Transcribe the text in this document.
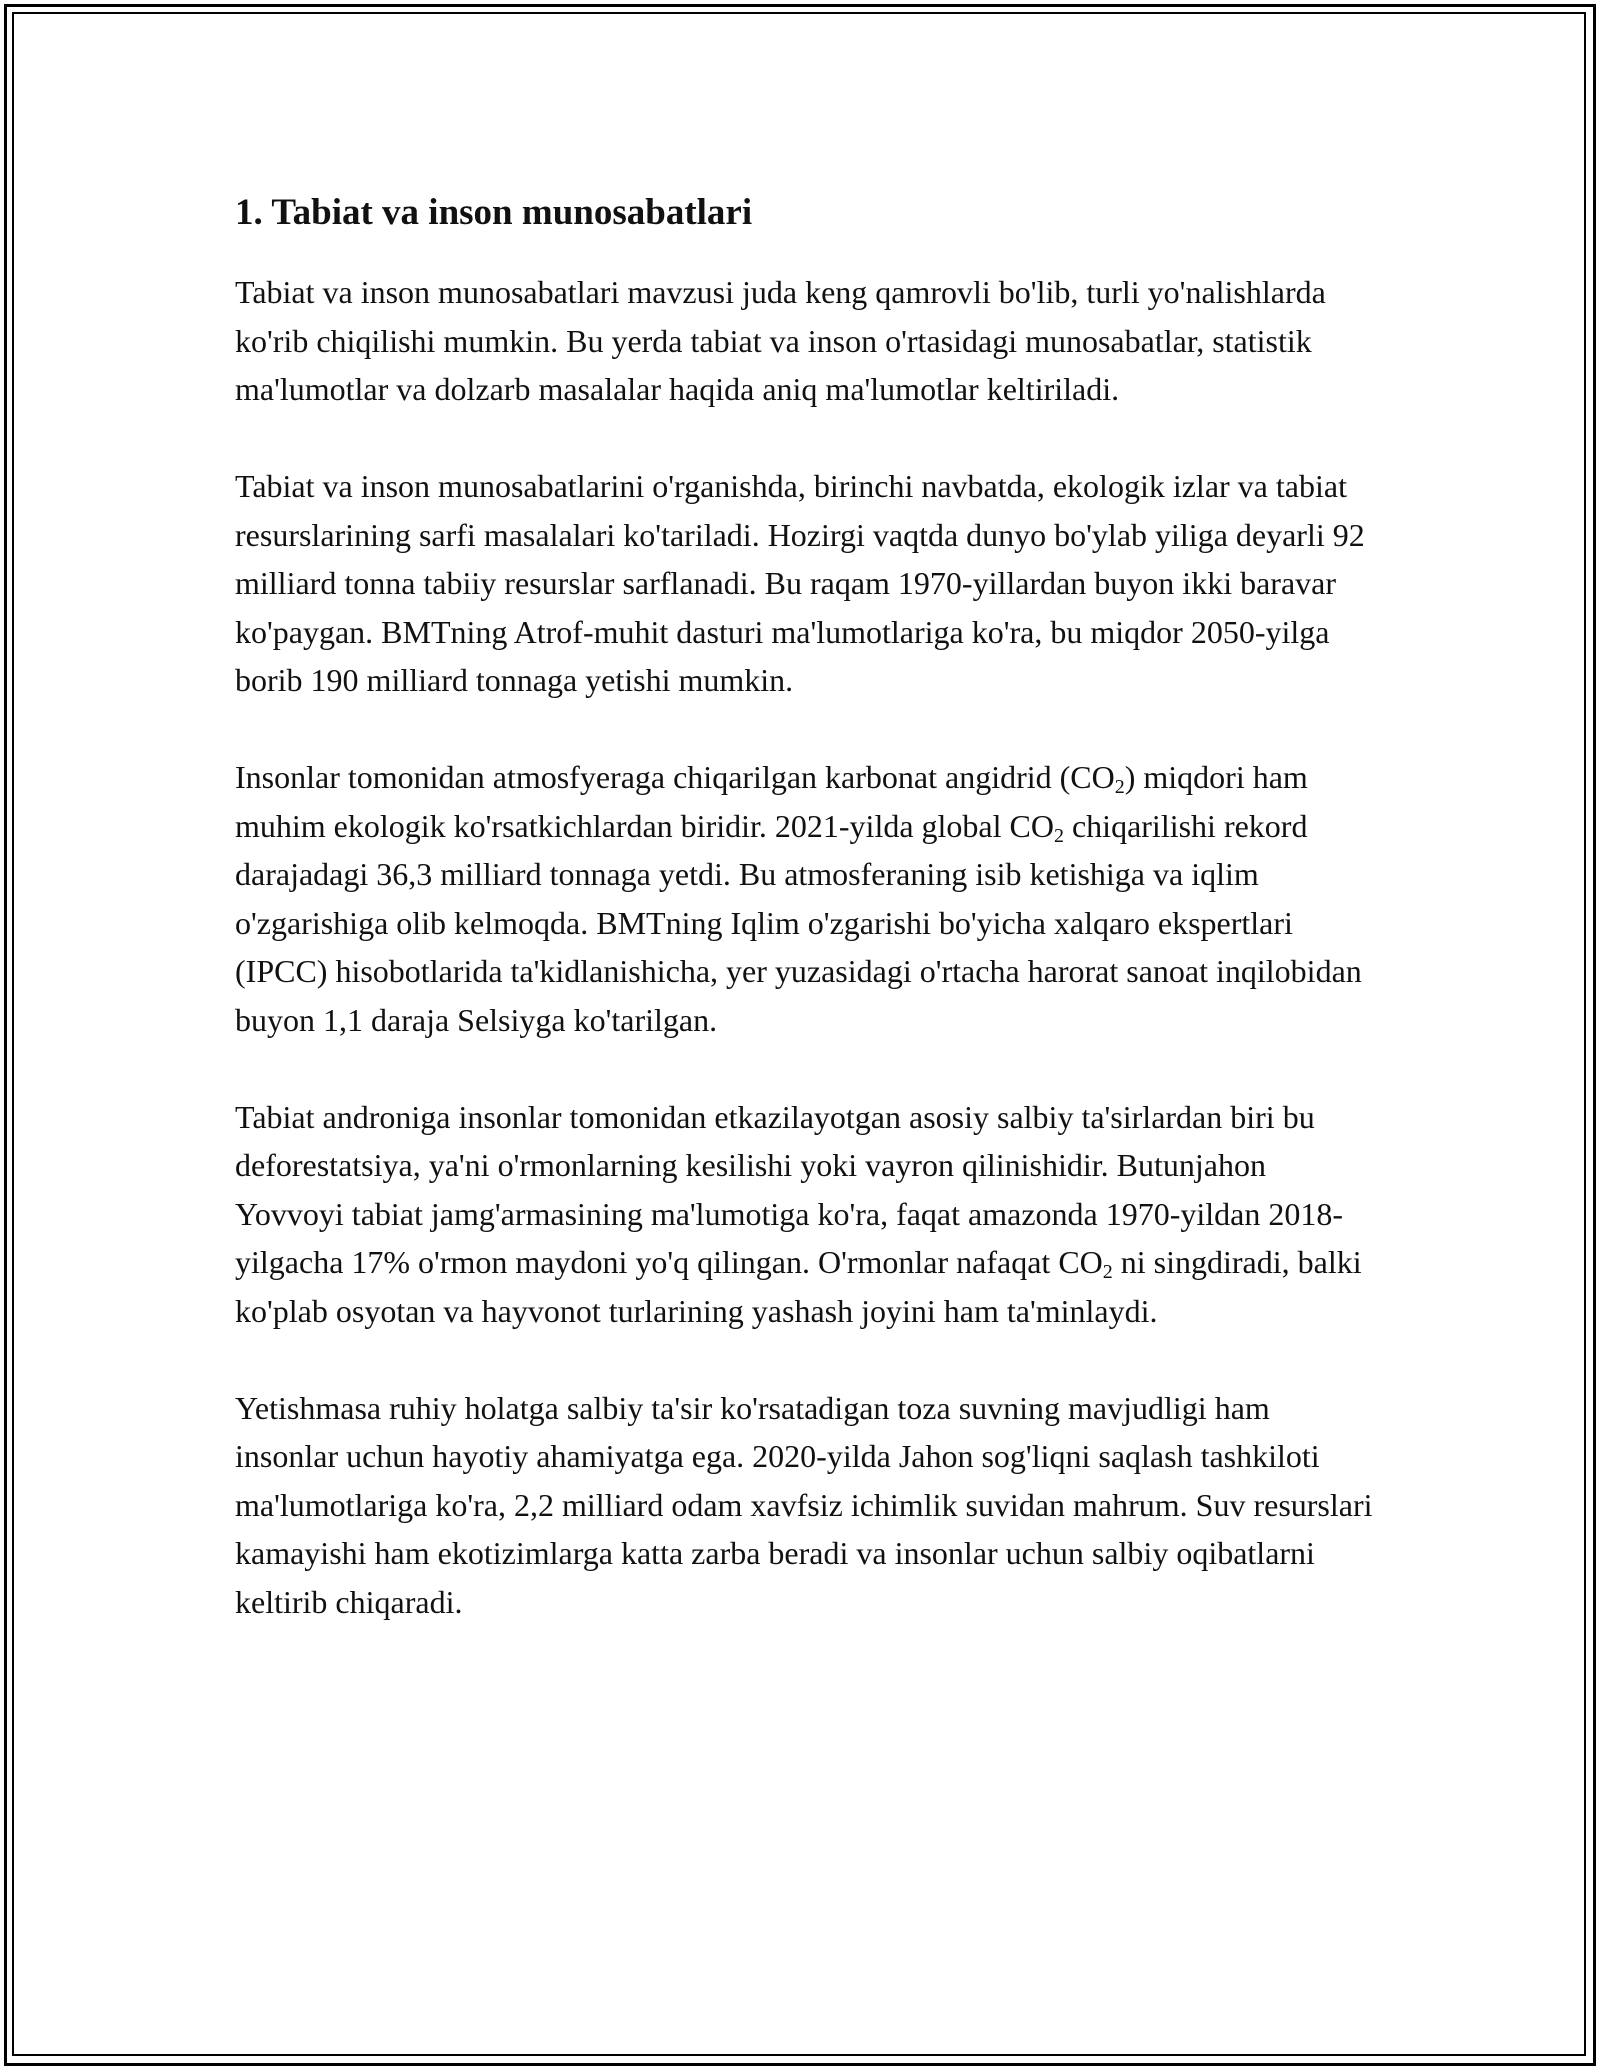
1. Tabiat va inson munosabatlari

Tabiat va inson munosabatlari mavzusi juda keng qamrovli bo'lib, turli yo'nalishlarda ko'rib chiqilishi mumkin. Bu yerda tabiat va inson o'rtasidagi munosabatlar, statistik ma'lumotlar va dolzarb masalalar haqida aniq ma'lumotlar keltiriladi.

Tabiat va inson munosabatlarini o'rganishda, birinchi navbatda, ekologik izlar va tabiat resurslarining sarfi masalalari ko'tariladi. Hozirgi vaqtda dunyo bo'ylab yiliga deyarli 92 milliard tonna tabiiy resurslar sarflanadi. Bu raqam 1970-yillardan buyon ikki baravar ko'paygan. BMTning Atrof-muhit dasturi ma'lumotlariga ko'ra, bu miqdor 2050-yilga borib 190 milliard tonnaga yetishi mumkin.

Insonlar tomonidan atmosfyeraga chiqarilgan karbonat angidrid $(CO_2)$ miqdori ham muhim ekologik ko'rsatkichlardan biridir. 2021-yilda global $CO_2$ chiqarilishi rekord darajadagi 36,3 milliard tonnaga yetdi. Bu atmosferaning isib ketishiga va iqlim o'zgarishiga olib kelmoqda. BMTning Iqlim o'zgarishi bo'yicha xalqaro ekspertlari (IPCC) hisobotlarida ta'kidlanishicha, yer yuzasidagi o'rtacha harorat sanoat inqilobidan buyon 1,1 daraja Selsiyga ko'tarilgan.

Tabiat androniga insonlar tomonidan etkazilayotgan asosiy salbiy ta'sirlardan biri bu deforestatsiya, ya'ni o'rmonlarning kesilishi yoki vayron qilinishidir. Butunjahon Yovvoyi tabiat jamg'armasining ma'lumotiga ko'ra, faqat amazonda 1970-yildan 2018-yilgacha 17% o'rmon maydoni yo'q qilingan. O'rmonlar nafaqat $CO_2$ ni singdiradi, balki ko'plab osyotan va hayvonot turlarining yashash joyini ham ta'minlaydi.

Yetishmasa ruhiy holatga salbiy ta'sir ko'rsatadigan toza suvning mavjudligi ham insonlar uchun hayotiy ahamiyatga ega. 2020-yilda Jahon sog'liqni saqlash tashkiloti ma'lumotlariga ko'ra, 2,2 milliard odam xavfsiz ichimlik suvidan mahrum. Suv resurslari kamayishi ham ekotizimlarga katta zarba beradi va insonlar uchun salbiy oqibatlarni keltirib chiqaradi.
